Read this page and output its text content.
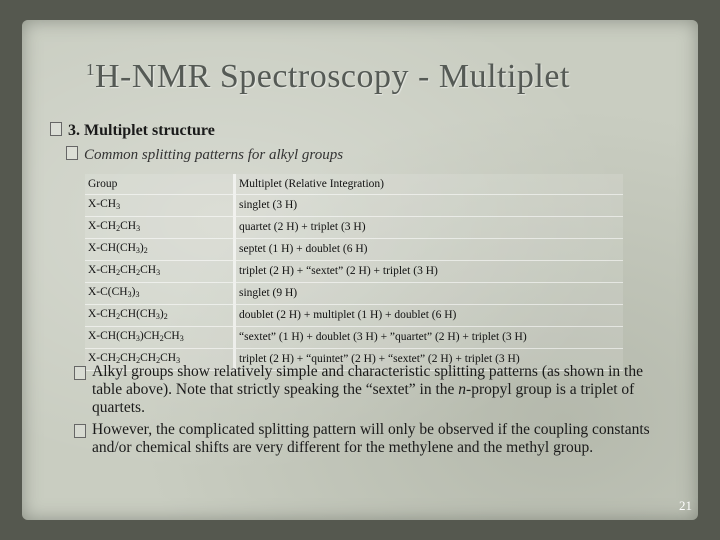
$^1$H-NMR Spectroscopy - Multiplet
3. Multiplet structure
Common splitting patterns for alkyl groups
Group	Multiplet (Relative Integration)
$X-CH_3$	singlet (3 H)
$X-CH_2CH_3$	quartet (2 H) + triplet (3 H)
$X-CH(CH_3)_2$	septet (1 H) + doublet (6 H)
$X-CH_2CH_2CH_3$	triplet (2 H) + “sextet” (2 H) + triplet (3 H)
$X-C(CH_3)_3$	singlet (9 H)
$X-CH_2CH(CH_3)_2$	doublet (2 H) + multiplet (1 H) + doublet (6 H)
$X-CH(CH_3)CH_2CH_3$	“sextet” (1 H) + doublet (3 H) + ”quartet” (2 H) + triplet (3 H)
$X-CH_2CH_2CH_2CH_3$	triplet (2 H) + “quintet” (2 H) + “sextet” (2 H) + triplet (3 H)
Alkyl groups show relatively simple and characteristic splitting patterns (as shown in the table above). Note that strictly speaking the “sextet” in the n-propyl group is a triplet of quartets.
However, the complicated splitting pattern will only be observed if the coupling constants and/or chemical shifts are very different for the methylene and the methyl group.
21
